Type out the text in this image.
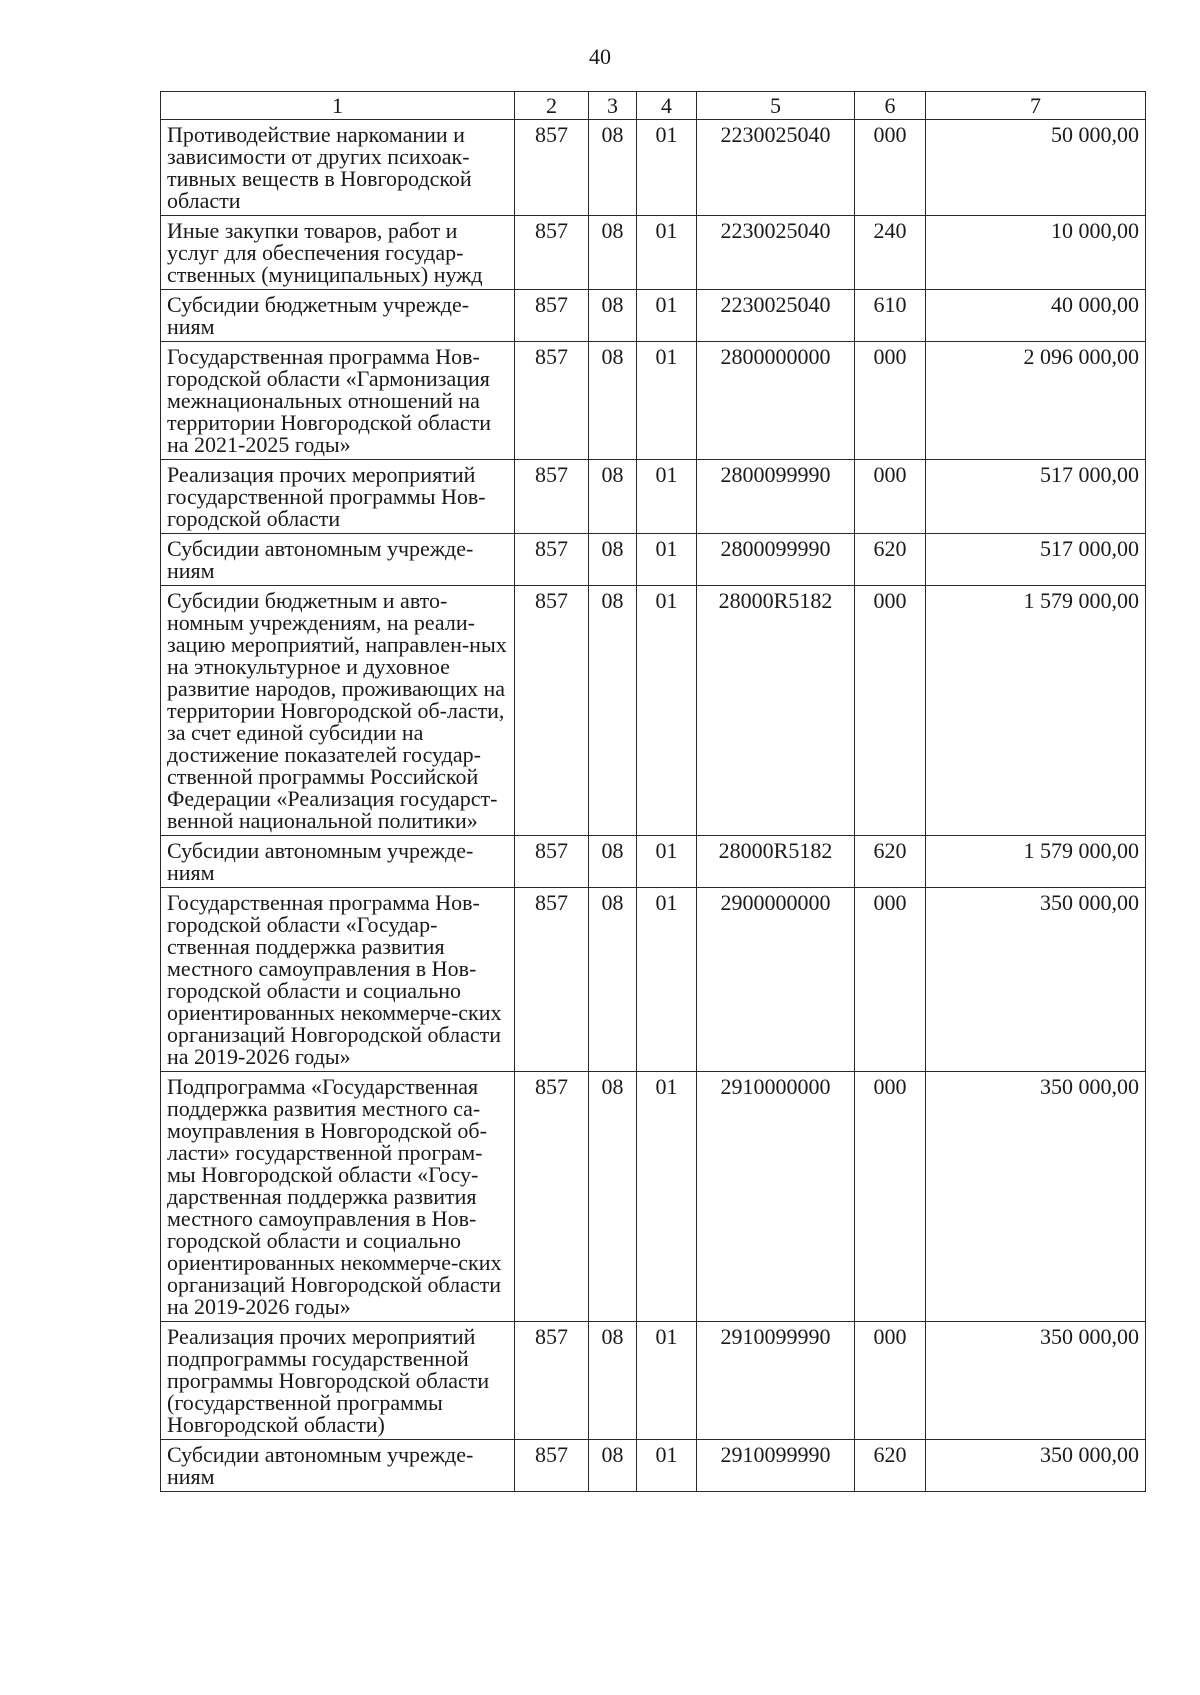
40
1	2	3	4	5	6	7
Противодействие наркомании и зависимости от других психоак-тивных веществ в Новгородской области	857	08	01	2230025040	000	50 000,00
Иные закупки товаров, работ и услуг для обеспечения государ-ственных (муниципальных) нужд	857	08	01	2230025040	240	10 000,00
Субсидии бюджетным учрежде-ниям	857	08	01	2230025040	610	40 000,00
Государственная программа Нов-городской области «Гармонизация межнациональных отношений на территории Новгородской области на 2021-2025 годы»	857	08	01	2800000000	000	2 096 000,00
Реализация прочих мероприятий государственной программы Нов-городской области	857	08	01	2800099990	000	517 000,00
Субсидии автономным учрежде-ниям	857	08	01	2800099990	620	517 000,00
Субсидии бюджетным и авто-номным учреждениям, на реали-зацию мероприятий, направлен-ных на этнокультурное и духовное развитие народов, проживающих на территории Новгородской об-ласти, за счет единой субсидии на достижение показателей государ-ственной программы Российской Федерации «Реализация государст-венной национальной политики»	857	08	01	28000R5182	000	1 579 000,00
Субсидии автономным учрежде-ниям	857	08	01	28000R5182	620	1 579 000,00
Государственная программа Нов-городской области «Государ-ственная поддержка развития местного самоуправления в Нов-городской области и социально ориентированных некоммерче-ских организаций Новгородской области на 2019-2026 годы»	857	08	01	2900000000	000	350 000,00
Подпрограмма «Государственная поддержка развития местного са-моуправления в Новгородской об-ласти» государственной програм-мы Новгородской области «Госу-дарственная поддержка развития местного самоуправления в Нов-городской области и социально ориентированных некоммерче-ских организаций Новгородской области на 2019-2026 годы»	857	08	01	2910000000	000	350 000,00
Реализация прочих мероприятий подпрограммы государственной программы Новгородской области (государственной программы Новгородской области)	857	08	01	2910099990	000	350 000,00
Субсидии автономным учрежде-ниям	857	08	01	2910099990	620	350 000,00
